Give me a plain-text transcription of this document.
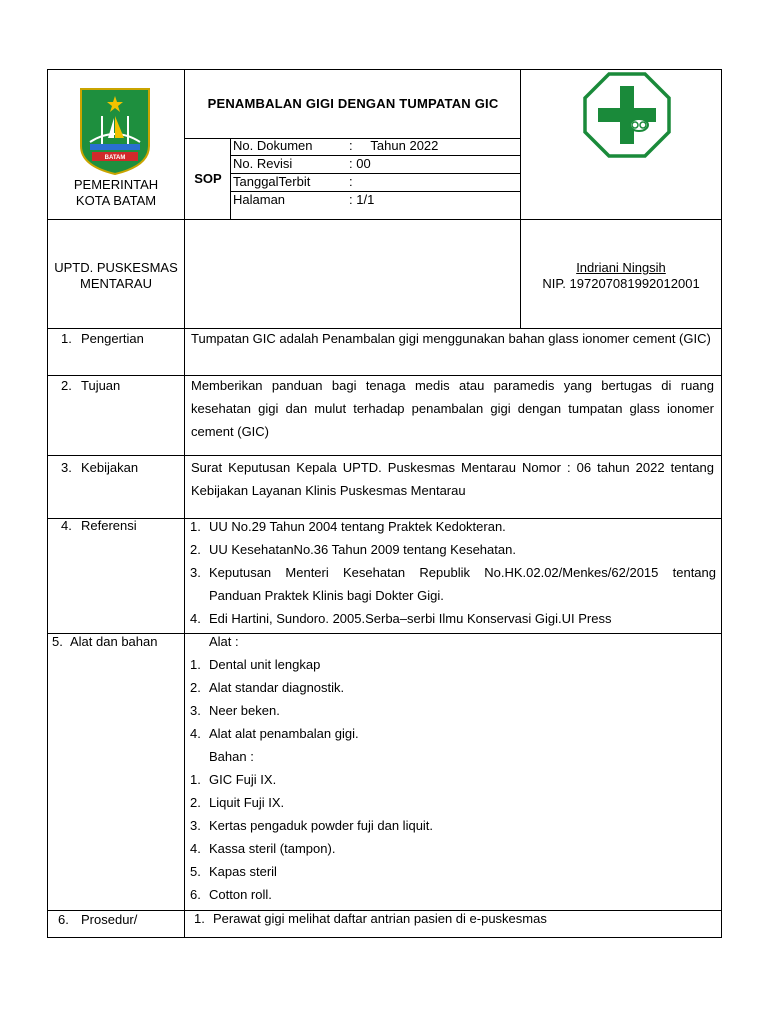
BATAM
PEMERINTAH
KOTA BATAM
PENAMBALAN GIGI DENGAN TUMPATAN GIC
SOP
No. Dokumen	:     Tahun 2022
No. Revisi	: 00
TanggalTerbit	:
Halaman	: 1/1
UPTD. PUSKESMAS
MENTARAU
Indriani Ningsih
NIP. 197207081992012001
1. Pengertian	Tumpatan GIC adalah Penambalan gigi menggunakan bahan glass ionomer cement (GIC)
2. Tujuan	Memberikan panduan bagi tenaga medis atau paramedis yang bertugas di ruang kesehatan gigi dan mulut terhadap penambalan gigi dengan tumpatan glass ionomer cement (GIC)
3. Kebijakan	Surat Keputusan Kepala UPTD. Puskesmas Mentarau Nomor : 06 tahun 2022 tentang Kebijakan Layanan Klinis Puskesmas Mentarau
4. Referensi	1. UU No.29 Tahun 2004 tentang Praktek Kedokteran.
2. UU KesehatanNo.36 Tahun 2009 tentang Kesehatan.
3. Keputusan Menteri Kesehatan Republik No.HK.02.02/Menkes/62/2015 tentang Panduan Praktek Klinis bagi Dokter Gigi.
4. Edi Hartini, Sundoro. 2005.Serba–serbi Ilmu Konservasi Gigi.UI Press
5. Alat dan bahan	Alat :
1. Dental unit lengkap
2. Alat standar diagnostik.
3. Neer beken.
4. Alat alat penambalan gigi.
Bahan :
1. GIC Fuji IX.
2. Liquit Fuji IX.
3. Kertas pengaduk powder fuji dan liquit.
4. Kassa steril (tampon).
5. Kapas steril
6. Cotton roll.
6. Prosedur/	1. Perawat gigi melihat daftar antrian pasien di e-puskesmas
